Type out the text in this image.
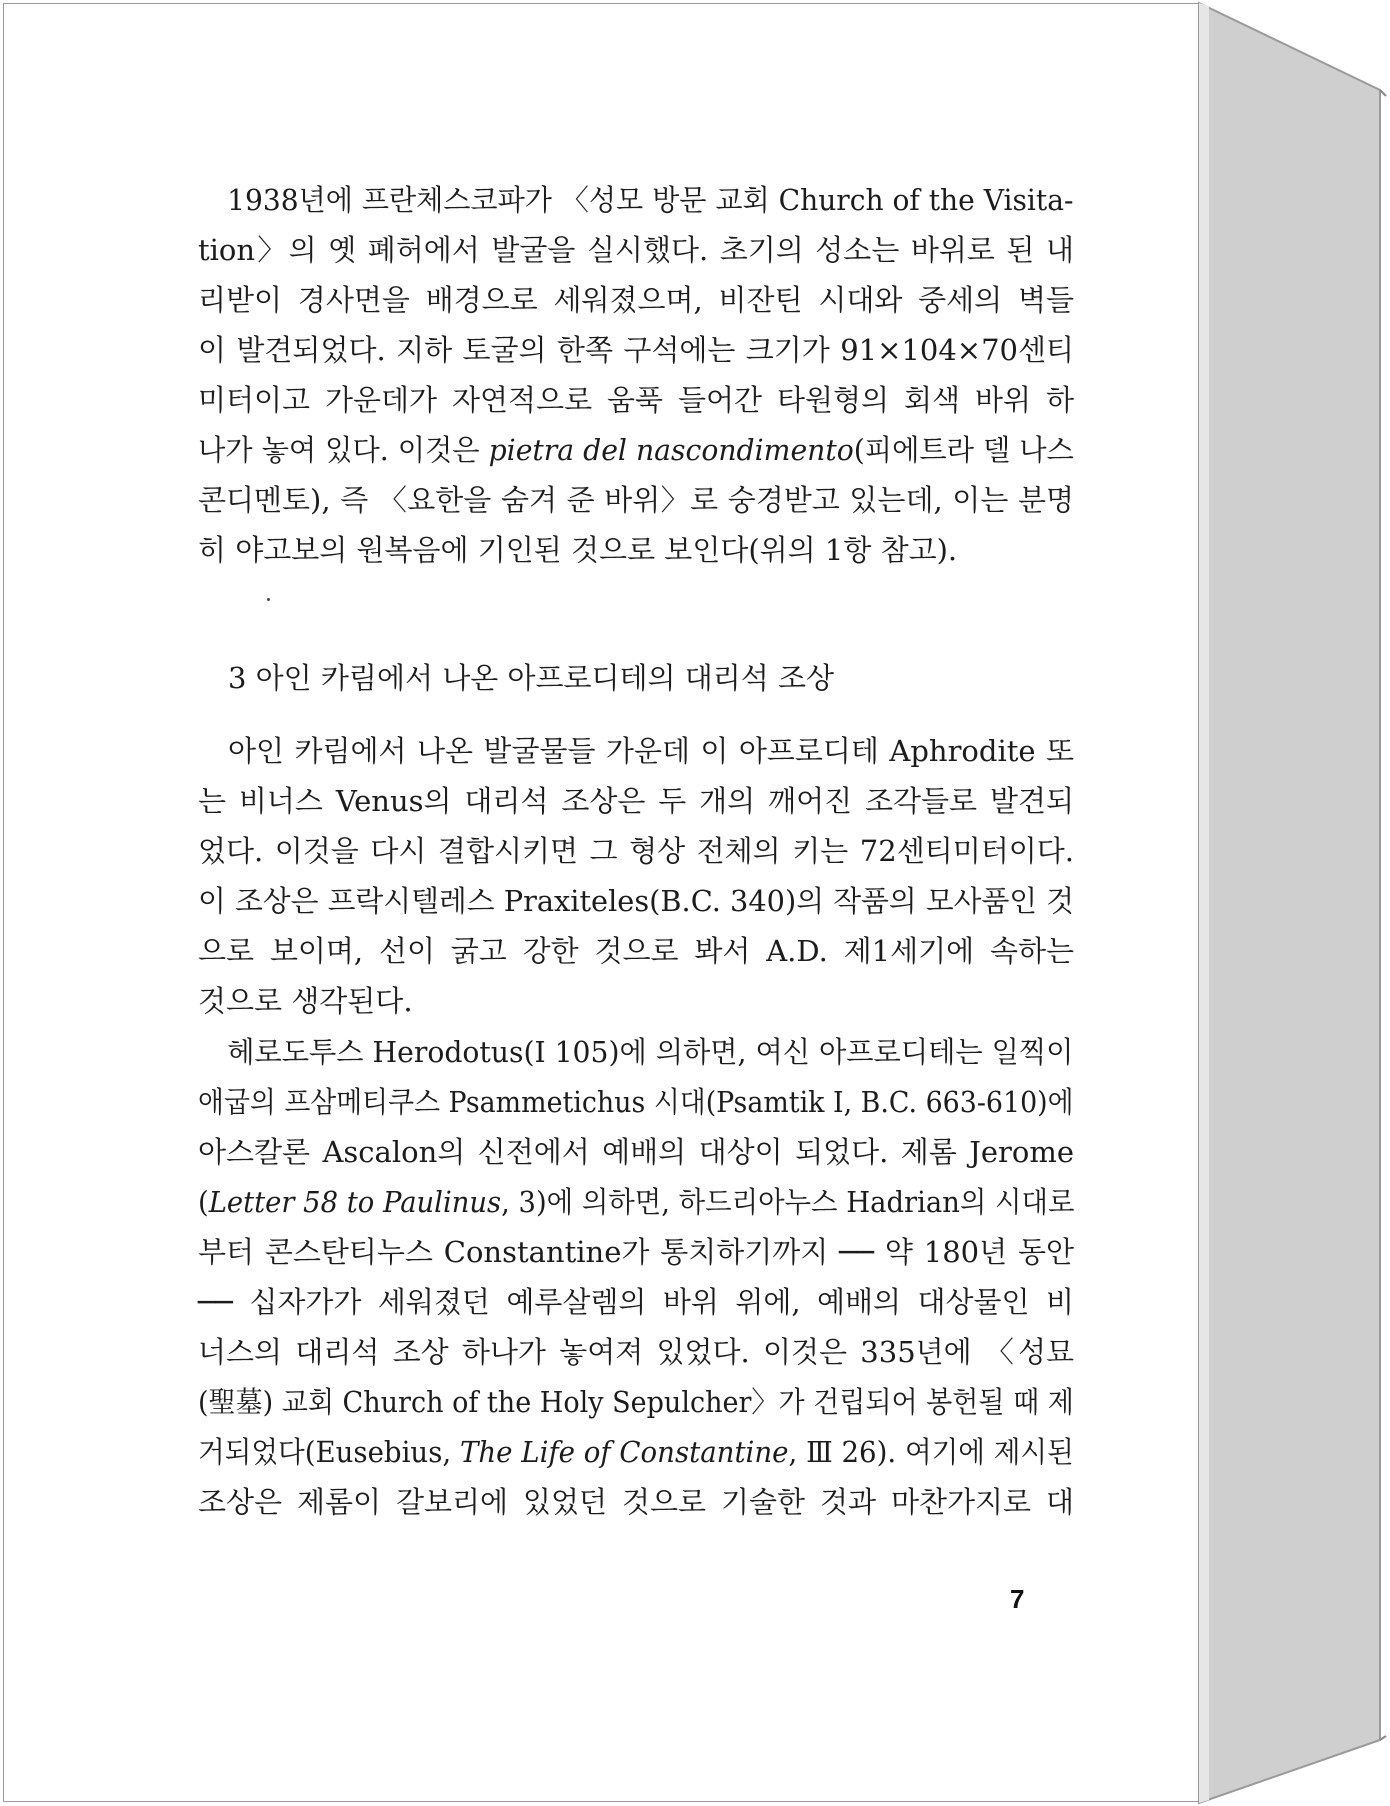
1938년에 프란체스코파가 〈성모 방문 교회 Church of the Visita-
tion〉의 옛 폐허에서 발굴을 실시했다. 초기의 성소는 바위로 된 내
리받이 경사면을 배경으로 세워졌으며, 비잔틴 시대와 중세의 벽들
이 발견되었다. 지하 토굴의 한쪽 구석에는 크기가 91×104×70센티
미터이고 가운데가 자연적으로 움푹 들어간 타원형의 회색 바위 하
나가 놓여 있다. 이것은 pietra del nascondimento(피에트라 델 나스
콘디멘토), 즉 〈요한을 숨겨 준 바위〉로 숭경받고 있는데, 이는 분명
히 야고보의 원복음에 기인된 것으로 보인다(위의 1항 참고).
3 아인 카림에서 나온 아프로디테의 대리석 조상
아인 카림에서 나온 발굴물들 가운데 이 아프로디테 Aphrodite 또
는 비너스 Venus의 대리석 조상은 두 개의 깨어진 조각들로 발견되
었다. 이것을 다시 결합시키면 그 형상 전체의 키는 72센티미터이다.
이 조상은 프락시텔레스 Praxiteles(B.C. 340)의 작품의 모사품인 것
으로 보이며, 선이 굵고 강한 것으로 봐서 A.D. 제1세기에 속하는
것으로 생각된다.
헤로도투스 Herodotus(I 105)에 의하면, 여신 아프로디테는 일찍이
애굽의 프삼메티쿠스 Psammetichus 시대(Psamtik I, B.C. 663-610)에
아스칼론 Ascalon의 신전에서 예배의 대상이 되었다. 제롬 Jerome
(Letter 58 to Paulinus, 3)에 의하면, 하드리아누스 Hadrian의 시대로
부터 콘스탄티누스 Constantine가 통치하기까지 ── 약 180년 동안
── 십자가가 세워졌던 예루살렘의 바위 위에, 예배의 대상물인 비
너스의 대리석 조상 하나가 놓여져 있었다. 이것은 335년에 〈성묘
(聖墓) 교회 Church of the Holy Sepulcher〉가 건립되어 봉헌될 때 제
거되었다(Eusebius, The Life of Constantine, Ⅲ 26). 여기에 제시된
조상은 제롬이 갈보리에 있었던 것으로 기술한 것과 마찬가지로 대
7
